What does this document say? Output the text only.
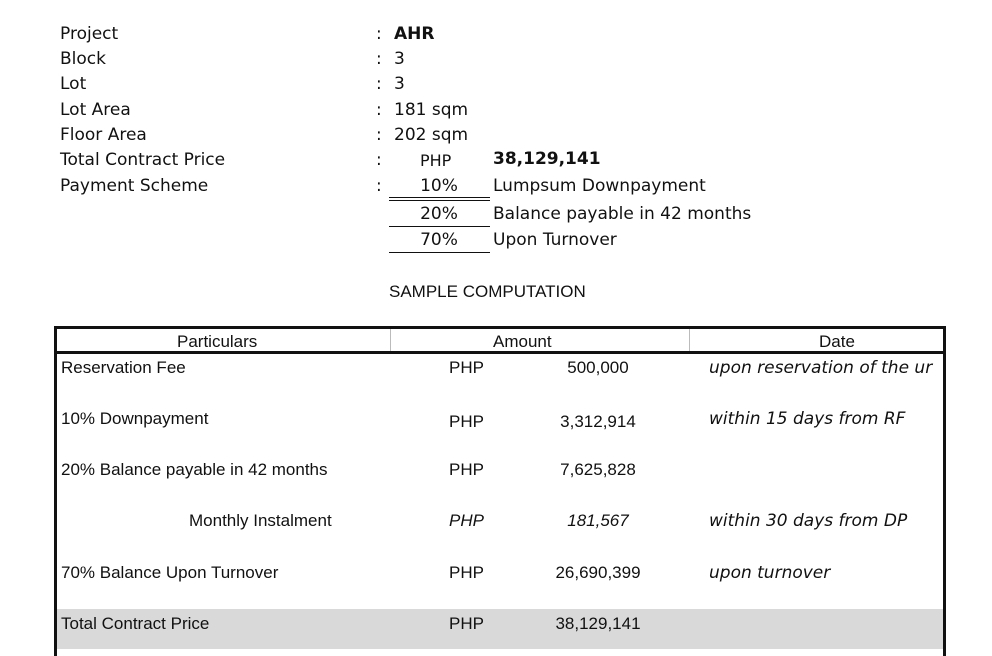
Project	: AHR
Block	: 3
Lot	: 3
Lot Area	: 181 sqm
Floor Area	: 202 sqm
Total Contract Price	: PHP 38,129,141
Payment Scheme	:	10%	Lumpsum Downpayment
20%	Balance payable in 42 months
70%	Upon Turnover
SAMPLE COMPUTATION
Particulars	Amount	Date
Reservation Fee	PHP	500,000	upon reservation of the ur
10% Downpayment	PHP	3,312,914	within 15 days from RF
20% Balance payable in 42 months	PHP	7,625,828
Monthly Instalment	PHP	181,567	within 30 days from DP
70% Balance Upon Turnover	PHP	26,690,399	upon turnover
Total Contract Price	PHP	38,129,141
